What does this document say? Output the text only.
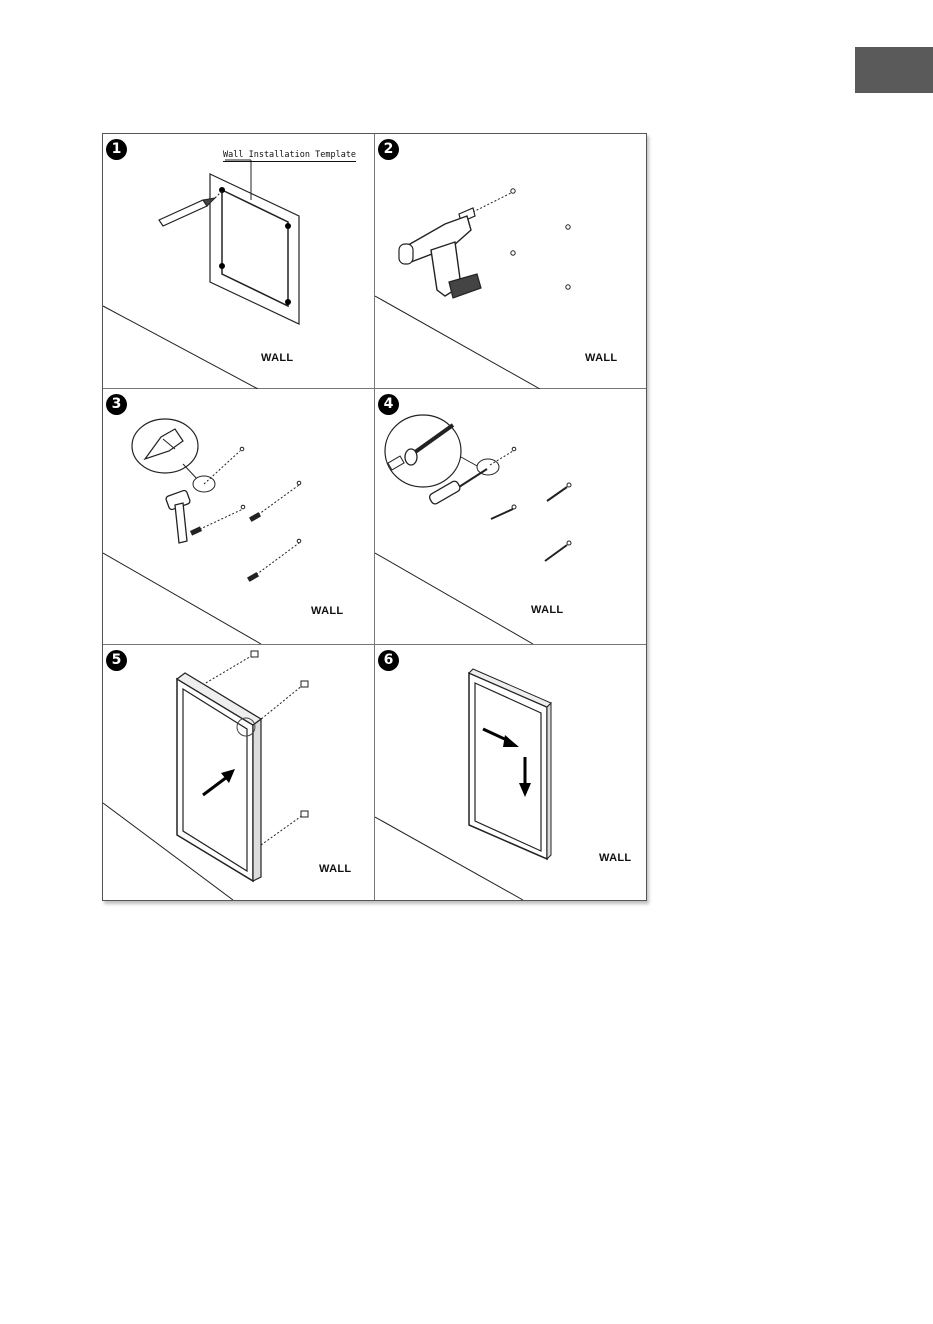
1	Wall Installation Template
WALL
2
WALL
3
WALL
4
WALL
5
WALL
6
WALL
